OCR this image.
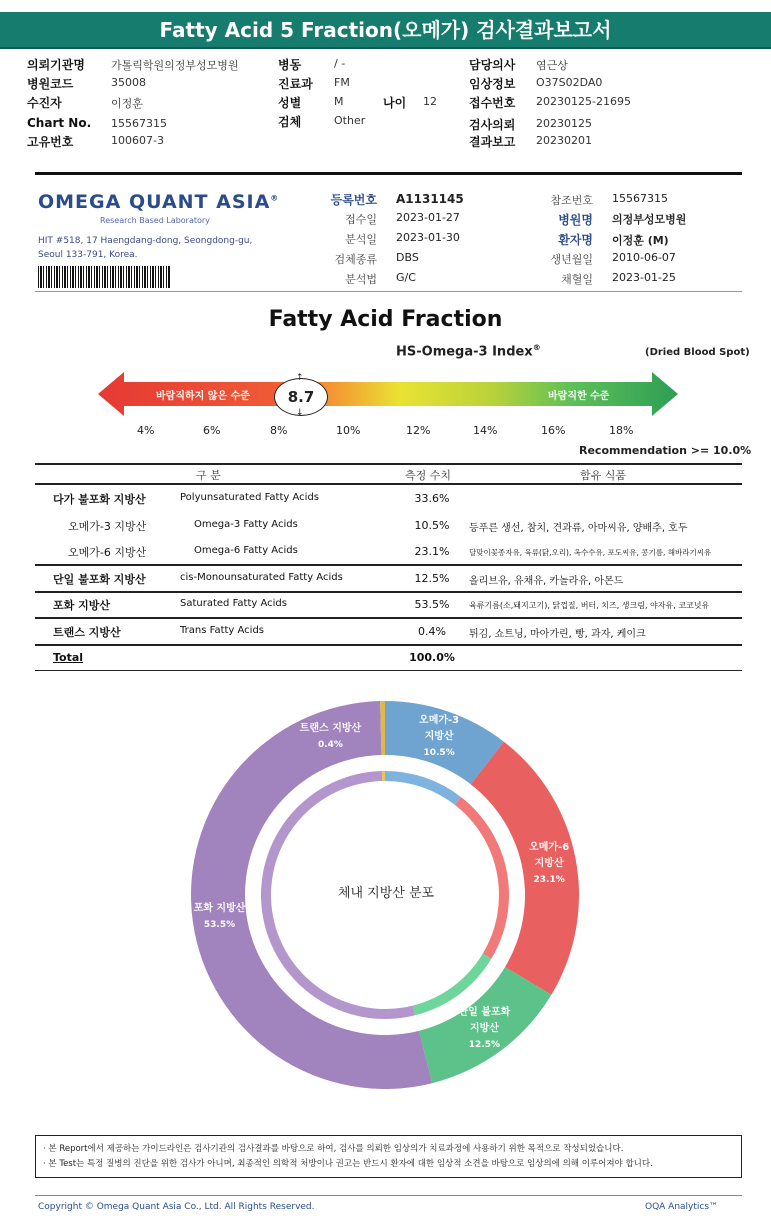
Fatty Acid 5 Fraction(오메가) 검사결과보고서
의뢰기관명 가톨릭학원의정부성모병원
병원코드	35008
수진자	이정훈
Chart No. 15567315
고유번호	100607-3
병동	/ -
진료과 FM
성별	M	나이 12
검체	Other
담당의사 염근상
임상정보 O37S02DA0
접수번호 20230125-21695
검사의뢰 20230125
결과보고 20230201
OMEGA QUANT ASIA®
Research Based Laboratory
HIT #518, 17 Haengdang-dong, Seongdong-gu,
Seoul 133-791, Korea.
등록번호 A1131145
접수일 2023-01-27
분석일 2023-01-30
검체종류 DBS
분석법 G/C
참조번호 15567315
병원명 의정부성모병원
환자명 이정훈 (M)
생년월일 2010-06-07
채혈일 2023-01-25
Fatty Acid Fraction
HS-Omega-3 Index®	(Dried Blood Spot)
바람직하지 않은 수준	바람직한 수준
8.7
↑
↓
4%	6%	8%	10%	12%	14%	16%	18%
Recommendation >= 10.0%
구 분	측정 수치	함유 식품
다가 불포화 지방산	Polyunsaturated Fatty Acids	33.6%
오메가-3 지방산	Omega-3 Fatty Acids	10.5%	등푸른 생선, 참치, 견과류, 아마씨유, 양배추, 호두
오메가-6 지방산	Omega-6 Fatty Acids	23.1%	달맞이꽃종자유, 육류(닭,오리), 옥수수유, 포도씨유, 콩기름, 해바라기씨유
단일 불포화 지방산	cis-Monounsaturated Fatty Acids	12.5%	올리브유, 유채유, 카놀라유, 아몬드
포화 지방산	Saturated Fatty Acids	53.5%	육류기름(소,돼지고기), 닭껍질, 버터, 치즈, 생크림, 야자유, 코코넛유
트랜스 지방산	Trans Fatty Acids	0.4%	튀김, 쇼트닝, 마아가린, 빵, 과자, 케이크
Total	100.0%
오메가-3
지방산
10.5%
오메가-6
지방산
23.1%
단일 불포화
지방산
12.5%
포화 지방산
53.5%
트랜스 지방산
0.4%
체내 지방산 분포
· 본 Report에서 제공하는 가이드라인은 검사기관의 검사결과를 바탕으로 하여, 검사를 의뢰한 임상의가 치료과정에 사용하기 위한 목적으로 작성되었습니다.
· 본 Test는 특정 질병의 진단을 위한 검사가 아니며, 최종적인 의학적 처방이나 권고는 반드시 환자에 대한 임상적 소견을 바탕으로 임상의에 의해 이루어져야 합니다.
Copyright © Omega Quant Asia Co., Ltd. All Rights Reserved.	OQA Analytics™
